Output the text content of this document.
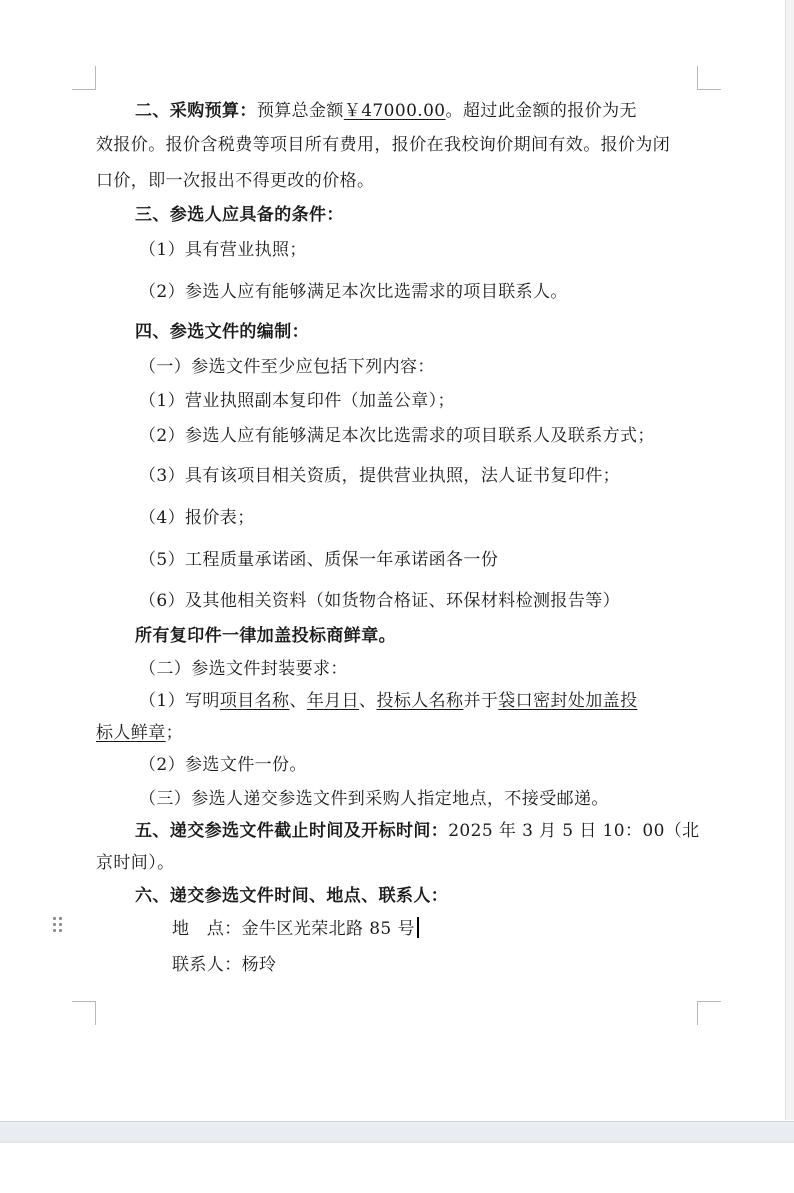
二、采购预算：预算总金额￥47000.00。超过此金额的报价为无
效报价。报价含税费等项目所有费用，报价在我校询价期间有效。报价为闭
口价，即一次报出不得更改的价格。
三、参选人应具备的条件：
（1）具有营业执照；
（2）参选人应有能够满足本次比选需求的项目联系人。
四、参选文件的编制：
（一）参选文件至少应包括下列内容：
（1）营业执照副本复印件（加盖公章）；
（2）参选人应有能够满足本次比选需求的项目联系人及联系方式；
（3）具有该项目相关资质，提供营业执照，法人证书复印件；
（4）报价表；
（5）工程质量承诺函、质保一年承诺函各一份
（6）及其他相关资料（如货物合格证、环保材料检测报告等）
所有复印件一律加盖投标商鲜章。
（二）参选文件封装要求：
（1）写明项目名称、年月日、投标人名称并于袋口密封处加盖投
标人鲜章；
（2）参选文件一份。
（三）参选人递交参选文件到采购人指定地点，不接受邮递。
五、递交参选文件截止时间及开标时间：2025 年 3 月 5 日 10：00（北
京时间）。
六、递交参选文件时间、地点、联系人：
地　点：金牛区光荣北路 85 号
联系人：杨玲
